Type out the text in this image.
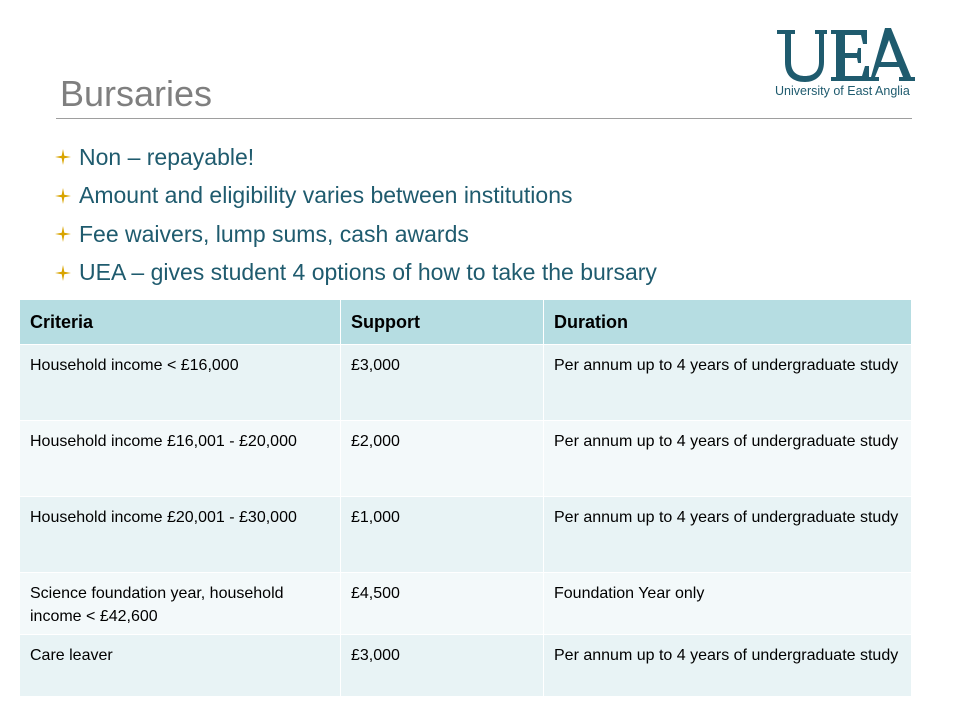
University of East Anglia
Bursaries
Non – repayable!
Amount and eligibility varies between institutions
Fee waivers, lump sums, cash awards
UEA – gives student 4 options of how to take the bursary
Criteria	Support	Duration
Household income < £16,000	£3,000	Per annum up to 4 years of undergraduate study
Household income £16,001 - £20,000	£2,000	Per annum up to 4 years of undergraduate study
Household income £20,001 - £30,000	£1,000	Per annum up to 4 years of undergraduate study
Science foundation year, household income < £42,600	£4,500	Foundation Year only
Care leaver	£3,000	Per annum up to 4 years of undergraduate study
